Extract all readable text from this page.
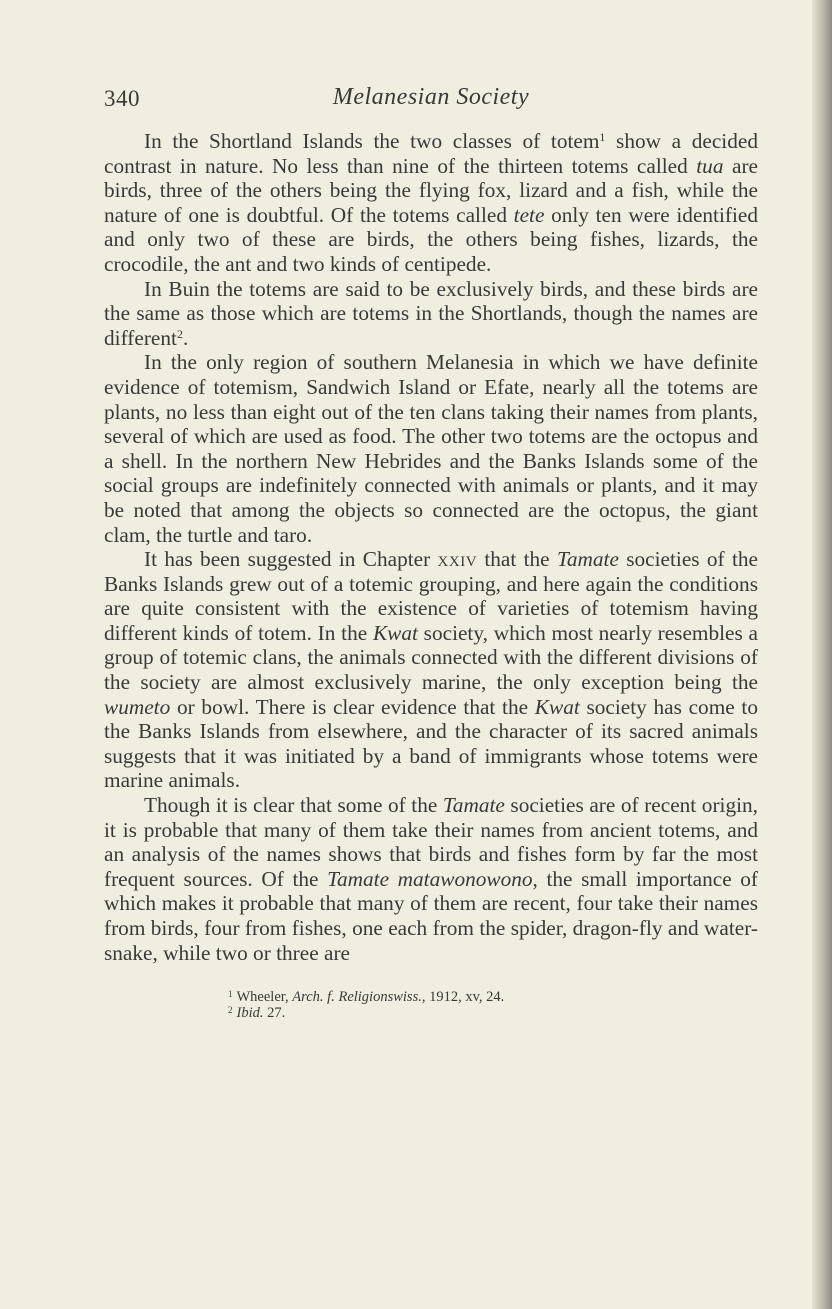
340	Melanesian Society

In the Shortland Islands the two classes of totem$^1$ show a decided contrast in nature. No less than nine of the thirteen totems called tua are birds, three of the others being the flying fox, lizard and a fish, while the nature of one is doubtful. Of the totems called tete only ten were identified and only two of these are birds, the others being fishes, lizards, the crocodile, the ant and two kinds of centipede.

In Buin the totems are said to be exclusively birds, and these birds are the same as those which are totems in the Shortlands, though the names are different$^2$.

In the only region of southern Melanesia in which we have definite evidence of totemism, Sandwich Island or Efate, nearly all the totems are plants, no less than eight out of the ten clans taking their names from plants, several of which are used as food. The other two totems are the octopus and a shell. In the northern New Hebrides and the Banks Islands some of the social groups are indefinitely connected with animals or plants, and it may be noted that among the objects so connected are the octopus, the giant clam, the turtle and taro.

It has been suggested in Chapter xxiv that the Tamate societies of the Banks Islands grew out of a totemic grouping, and here again the conditions are quite consistent with the existence of varieties of totemism having different kinds of totem. In the Kwat society, which most nearly resembles a group of totemic clans, the animals connected with the different divisions of the society are almost exclusively marine, the only exception being the wumeto or bowl. There is clear evidence that the Kwat society has come to the Banks Islands from elsewhere, and the character of its sacred animals suggests that it was initiated by a band of immigrants whose totems were marine animals.

Though it is clear that some of the Tamate societies are of recent origin, it is probable that many of them take their names from ancient totems, and an analysis of the names shows that birds and fishes form by far the most frequent sources. Of the Tamate matawonowono, the small importance of which makes it probable that many of them are recent, four take their names from birds, four from fishes, one each from the spider, dragon-fly and water-snake, while two or three are

$^1$ Wheeler, Arch. f. Religionswiss., 1912, xv, 24.
$^2$ Ibid. 27.
